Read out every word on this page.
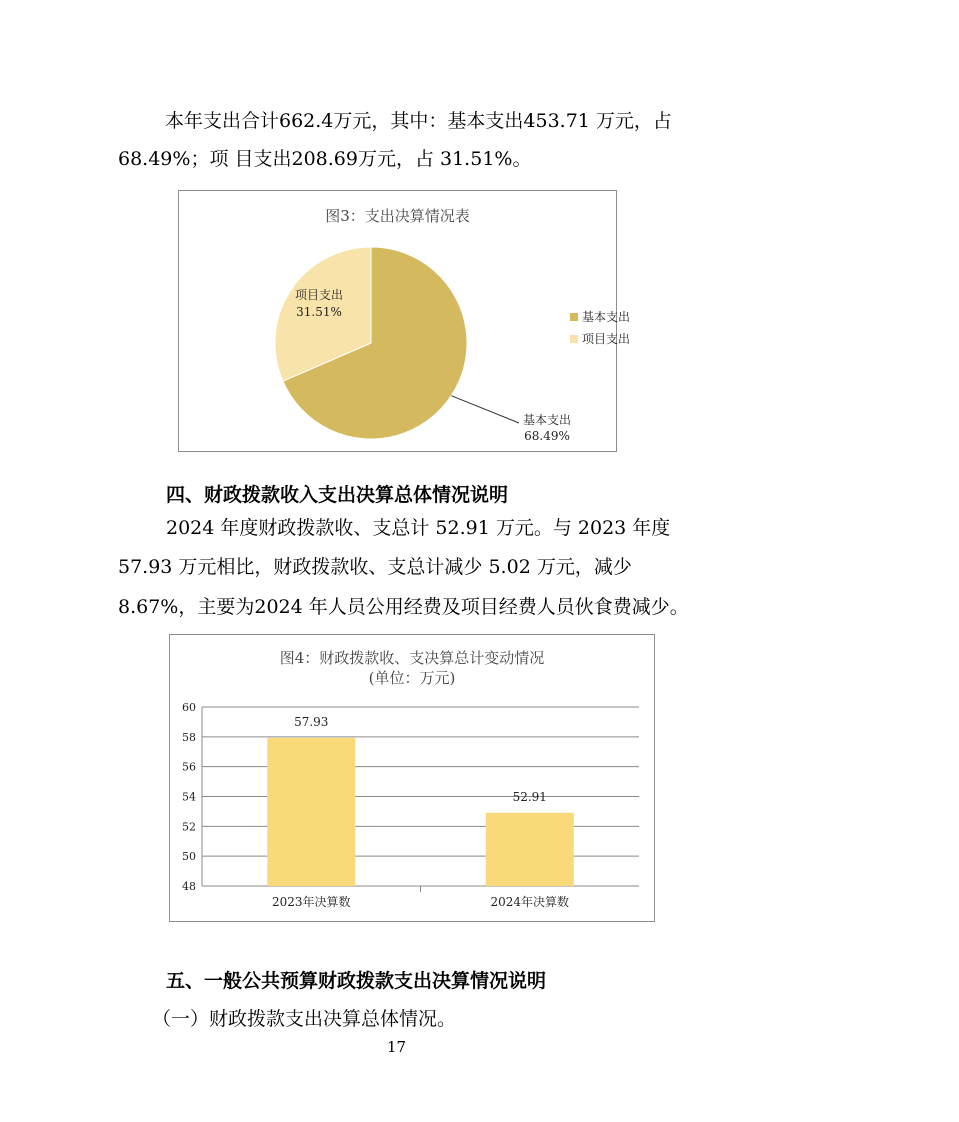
本年支出合计662.4万元，其中：基本支出453.71 万元，占
68.49%；项 目支出208.69万元，占 31.51%。
图3：支出决算情况表
项目支出
31.51%
基本支出
68.49%
基本支出
项目支出
四、财政拨款收入支出决算总体情况说明
2024 年度财政拨款收、支总计 52.91 万元。与 2023 年度
57.93 万元相比，财政拨款收、支总计减少 5.02 万元，减少
8.67%，主要为2024 年人员公用经费及项目经费人员伙食费减少。
图4：财政拨款收、支决算总计变动情况
(单位：万元)
48
50
52
54
56
58
60
57.93
2023年决算数
52.91
2024年决算数
五、一般公共预算财政拨款支出决算情况说明
（一）财政拨款支出决算总体情况。
17
